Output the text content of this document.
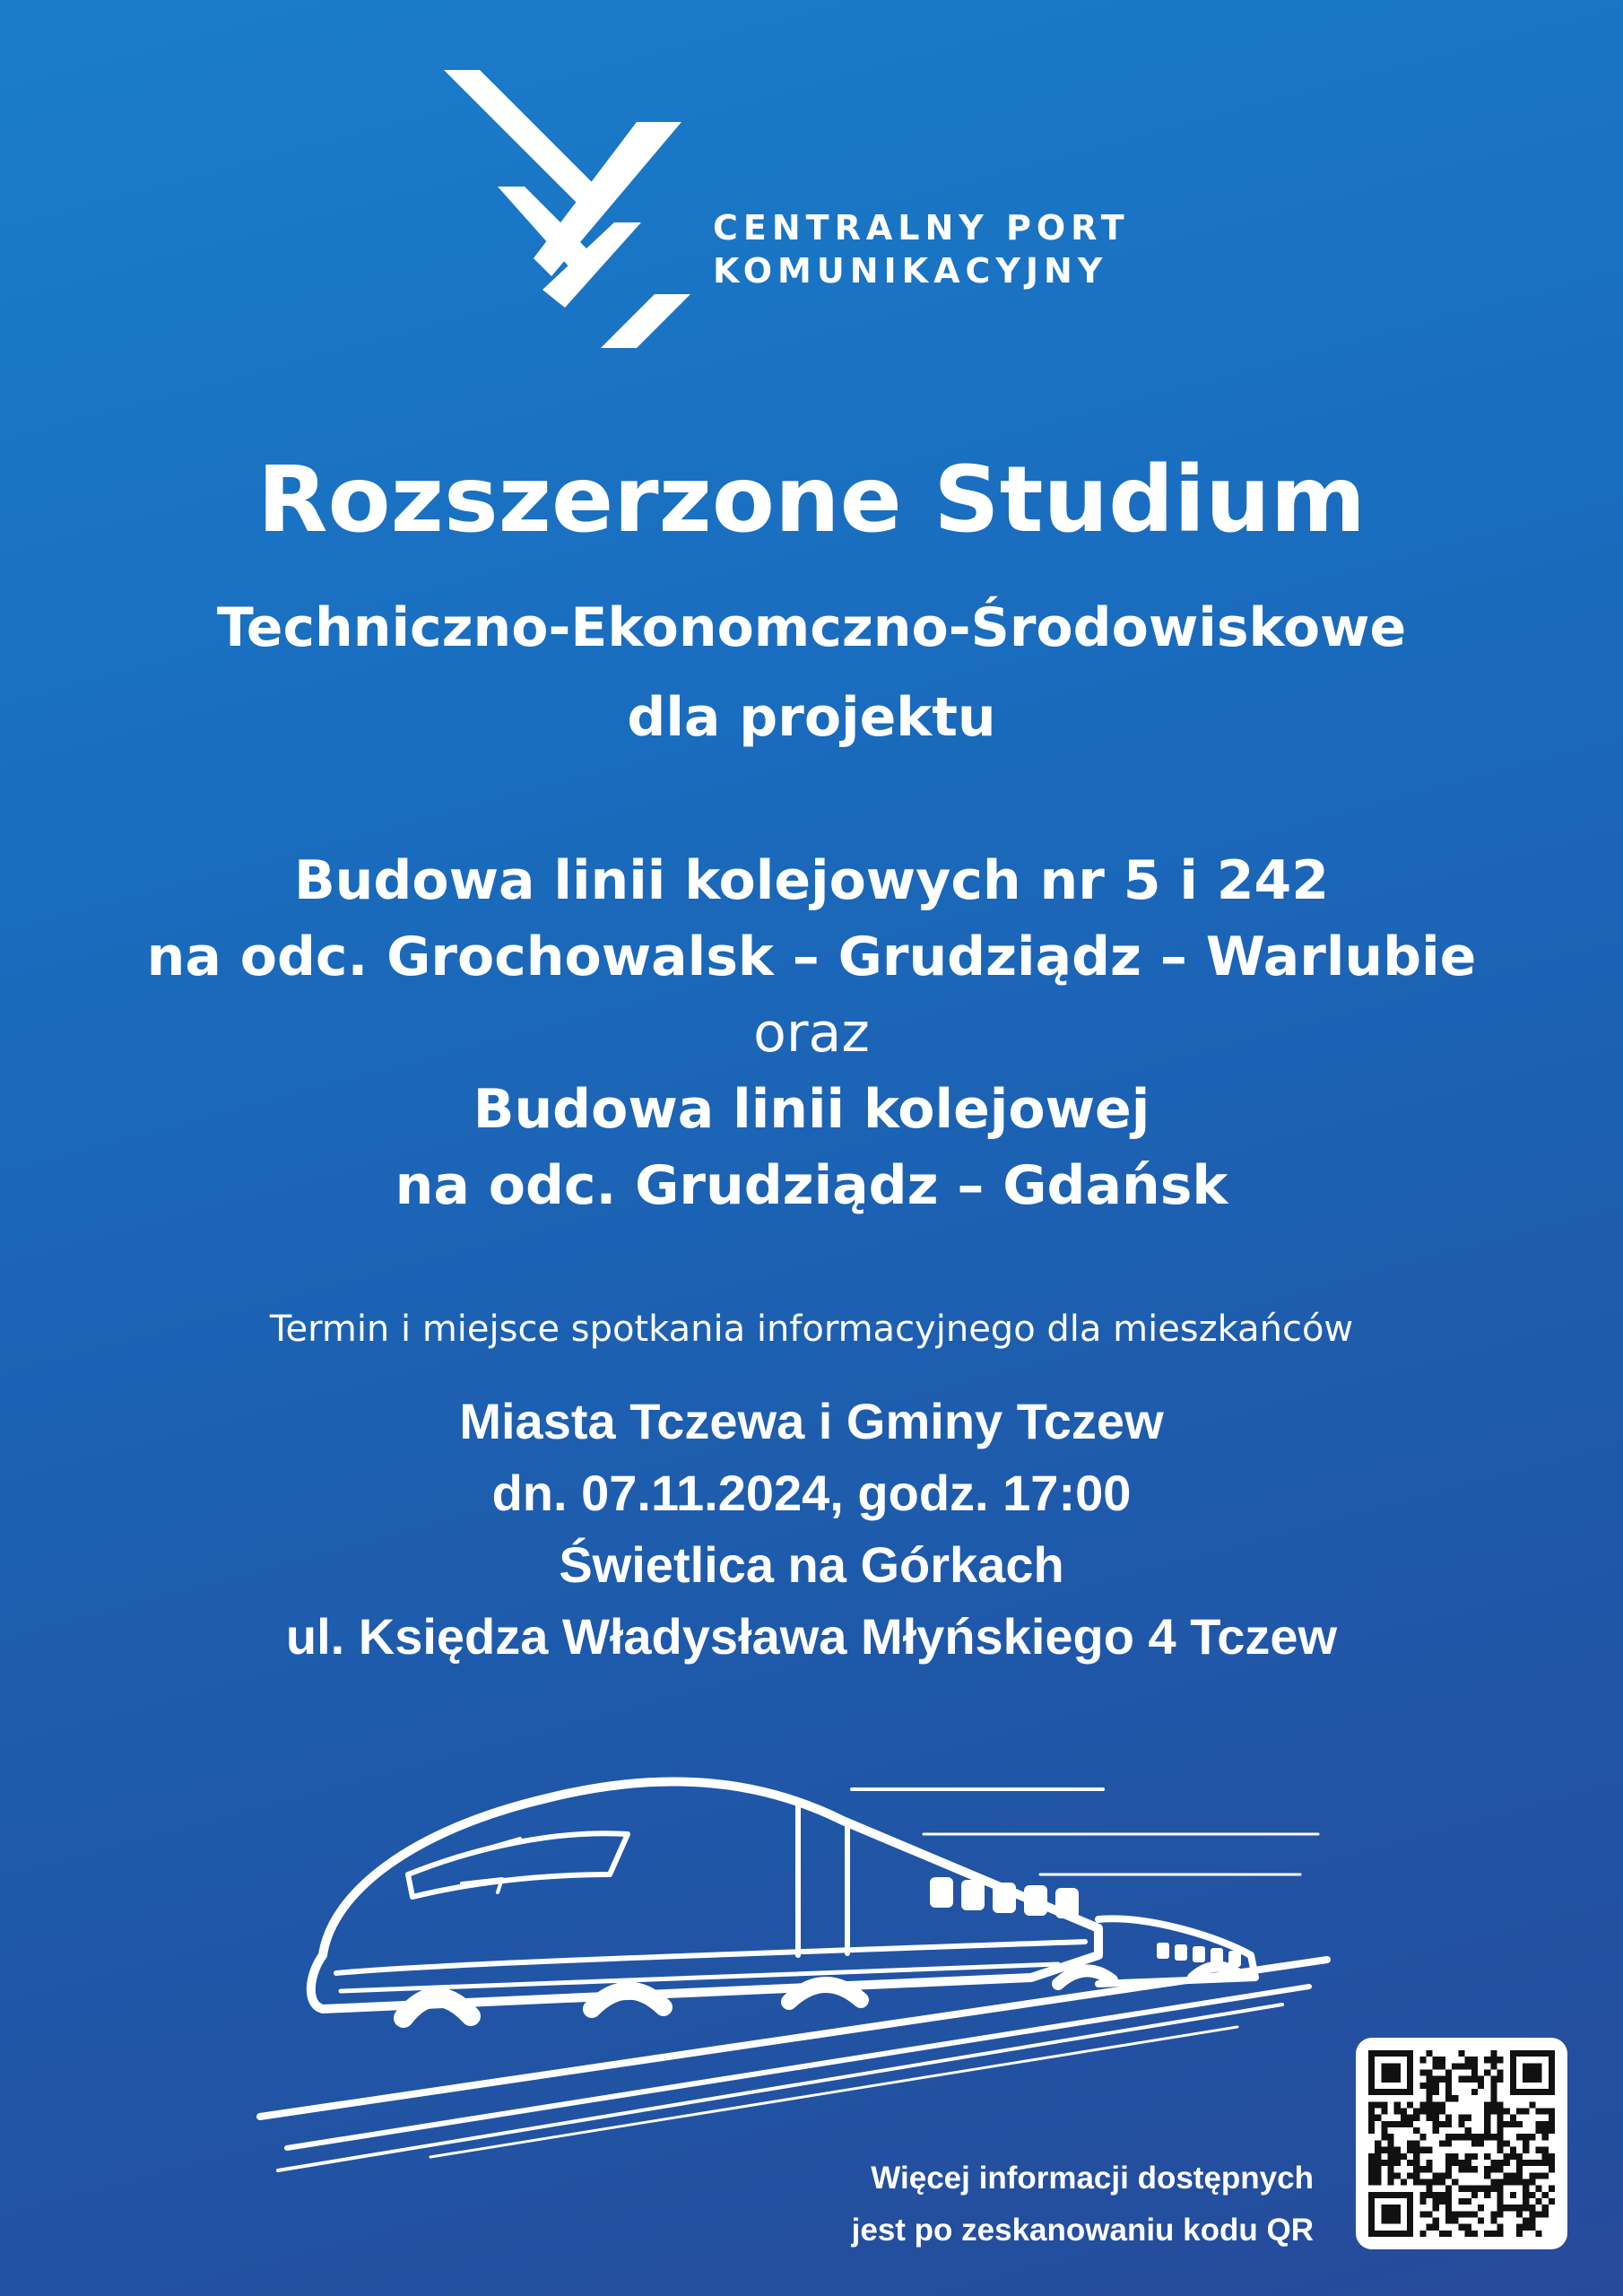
CENTRALNY PORT
KOMUNIKACYJNY
Rozszerzone Studium
Techniczno-Ekonomczno-Środowiskowe
dla projektu
Budowa linii kolejowych nr 5 i 242
na odc. Grochowalsk – Grudziądz – Warlubie
oraz
Budowa linii kolejowej
na odc. Grudziądz – Gdańsk
Termin i miejsce spotkania informacyjnego dla mieszkańców
Miasta Tczewa i Gminy Tczew
dn. 07.11.2024, godz. 17:00
Świetlica na Górkach
ul. Księdza Władysława Młyńskiego 4 Tczew
Więcej informacji dostępnych
jest po zeskanowaniu kodu QR
